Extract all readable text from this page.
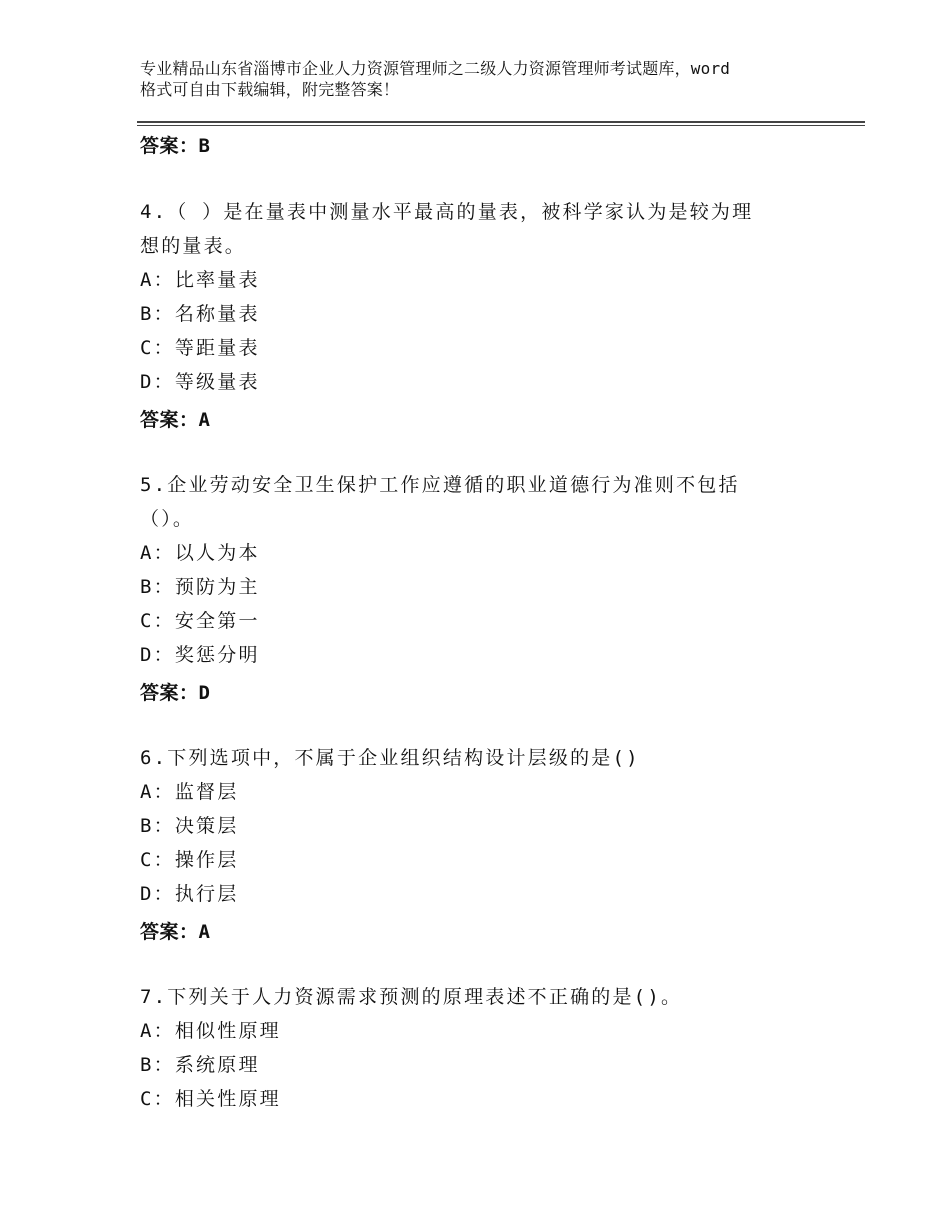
专业精品山东省淄博市企业人力资源管理师之二级人力资源管理师考试题库，word
格式可自由下载编辑，附完整答案！
答案：B
4.（ ）是在量表中测量水平最高的量表，被科学家认为是较为理
想的量表。
A：比率量表
B：名称量表
C：等距量表
D：等级量表
答案：A
5.企业劳动安全卫生保护工作应遵循的职业道德行为准则不包括
（）。
A：以人为本
B：预防为主
C：安全第一
D：奖惩分明
答案：D
6.下列选项中，不属于企业组织结构设计层级的是()
A：监督层
B：决策层
C：操作层
D：执行层
答案：A
7.下列关于人力资源需求预测的原理表述不正确的是()。
A：相似性原理
B：系统原理
C：相关性原理
